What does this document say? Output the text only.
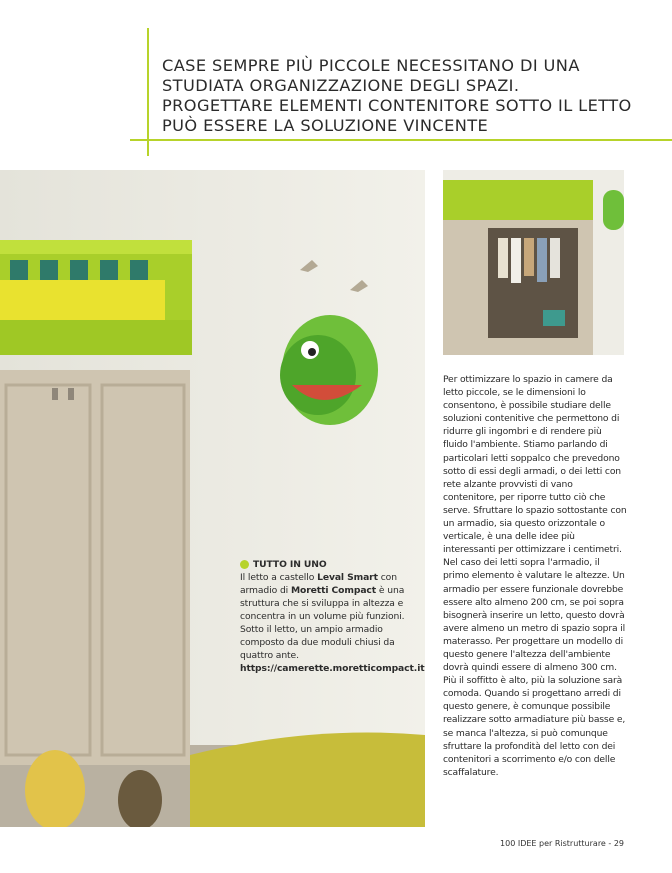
CASE SEMPRE PIÙ PICCOLE NECESSITANO DI UNA STUDIATA ORGANIZZAZIONE DEGLI SPAZI. PROGETTARE ELEMENTI CONTENITORE SOTTO IL LETTO PUÒ ESSERE LA SOLUZIONE VINCENTE
TUTTO IN UNO
Il letto a castello Leval Smart con armadio di Moretti Compact è una struttura che si sviluppa in altezza e concentra in un volume più funzioni. Sotto il letto, un ampio armadio composto da due moduli chiusi da quattro ante.
https://camerette.moretticompact.it
Per ottimizzare lo spazio in camere da letto piccole, se le dimensioni lo consentono, è possibile studiare delle soluzioni contenitive che permettono di ridurre gli ingombri e di rendere più fluido l'ambiente. Stiamo parlando di particolari letti soppalco che prevedono sotto di essi degli armadi, o dei letti con rete alzante provvisti di vano contenitore, per riporre tutto ciò che serve. Sfruttare lo spazio sottostante con un armadio, sia questo orizzontale o verticale, è una delle idee più interessanti per ottimizzare i centimetri. Nel caso dei letti sopra l'armadio, il primo elemento è valutare le altezze. Un armadio per essere funzionale dovrebbe essere alto almeno 200 cm, se poi sopra bisognerà inserire un letto, questo dovrà avere almeno un metro di spazio sopra il materasso. Per progettare un modello di questo genere l'altezza dell'ambiente dovrà quindi essere di almeno 300 cm. Più il soffitto è alto, più la soluzione sarà comoda. Quando si progettano arredi di questo genere, è comunque possibile realizzare sotto armadiature più basse e, se manca l'altezza, si può comunque sfruttare la profondità del letto con dei contenitori a scorrimento e/o con delle scaffalature.
100 IDEE per Ristrutturare - 29
